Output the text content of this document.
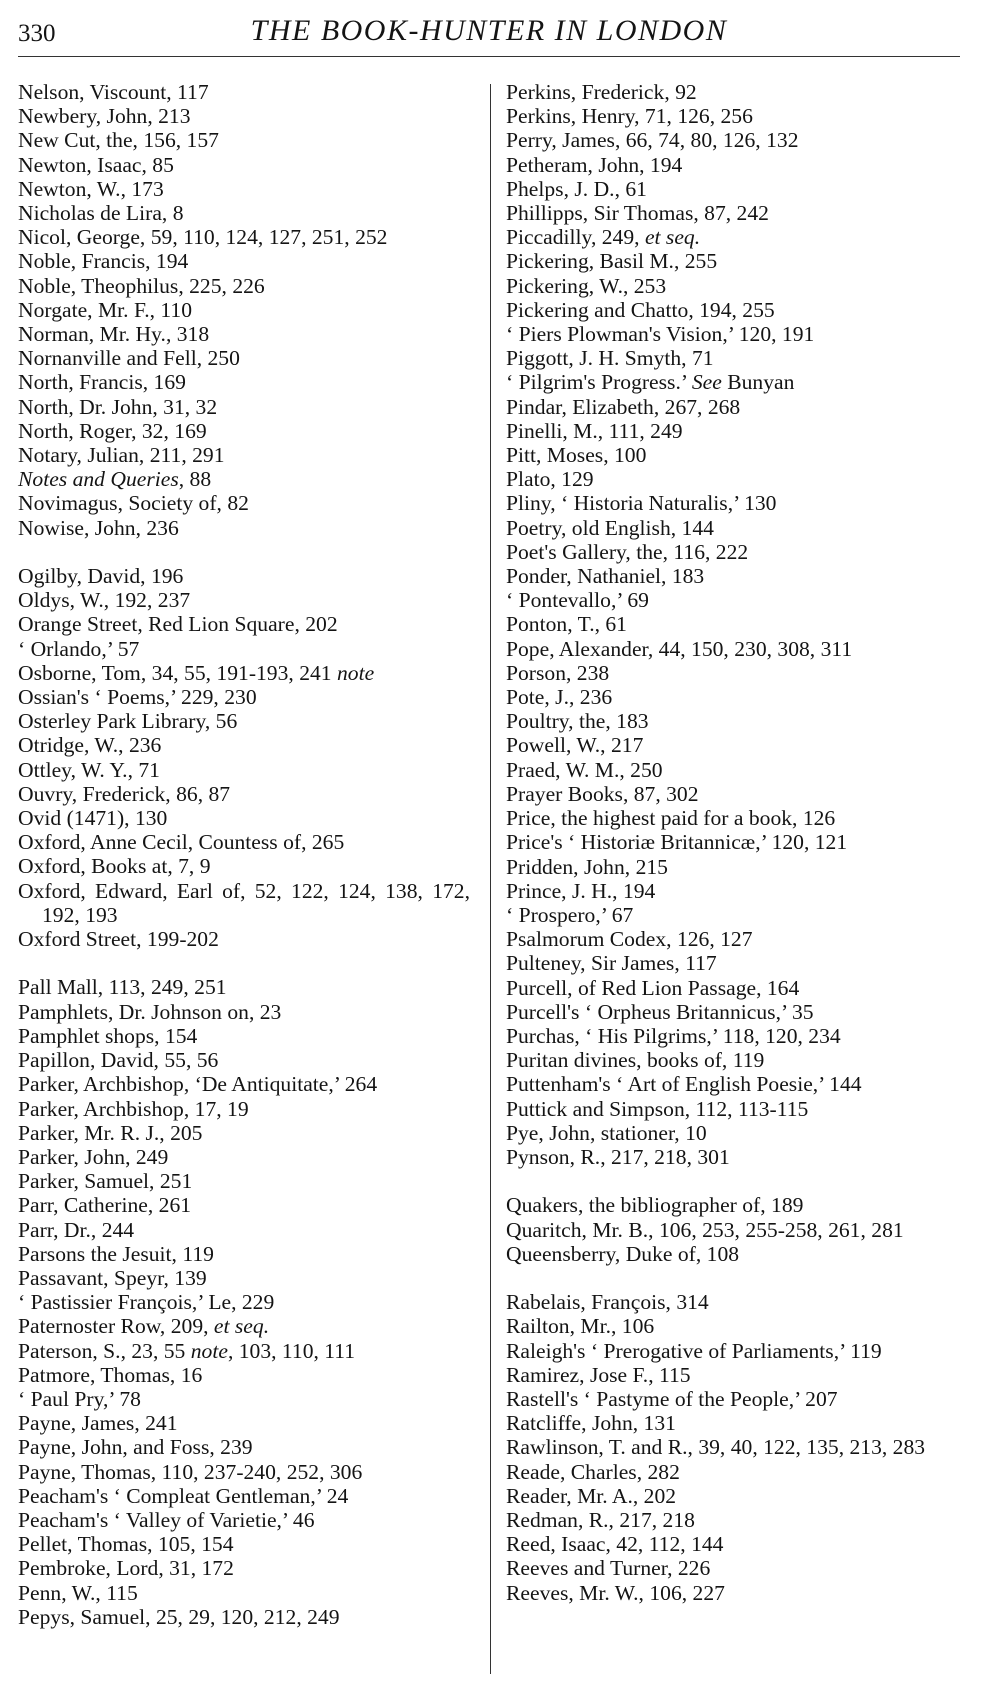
330	THE BOOK-HUNTER IN LONDON
Nelson, Viscount, 117
Newbery, John, 213
New Cut, the, 156, 157
Newton, Isaac, 85
Newton, W., 173
Nicholas de Lira, 8
Nicol, George, 59, 110, 124, 127, 251, 252
Noble, Francis, 194
Noble, Theophilus, 225, 226
Norgate, Mr. F., 110
Norman, Mr. Hy., 318
Nornanville and Fell, 250
North, Francis, 169
North, Dr. John, 31, 32
North, Roger, 32, 169
Notary, Julian, 211, 291
Notes and Queries, 88
Novimagus, Society of, 82
Nowise, John, 236
Ogilby, David, 196
Oldys, W., 192, 237
Orange Street, Red Lion Square, 202
‘ Orlando,’ 57
Osborne, Tom, 34, 55, 191-193, 241 note
Ossian's ‘ Poems,’ 229, 230
Osterley Park Library, 56
Otridge, W., 236
Ottley, W. Y., 71
Ouvry, Frederick, 86, 87
Ovid (1471), 130
Oxford, Anne Cecil, Countess of, 265
Oxford, Books at, 7, 9
Oxford, Edward, Earl of, 52, 122, 124, 138, 172, 192, 193
Oxford Street, 199-202
Pall Mall, 113, 249, 251
Pamphlets, Dr. Johnson on, 23
Pamphlet shops, 154
Papillon, David, 55, 56
Parker, Archbishop, ‘De Antiquitate,’ 264
Parker, Archbishop, 17, 19
Parker, Mr. R. J., 205
Parker, John, 249
Parker, Samuel, 251
Parr, Catherine, 261
Parr, Dr., 244
Parsons the Jesuit, 119
Passavant, Speyr, 139
‘ Pastissier François,’ Le, 229
Paternoster Row, 209, et seq.
Paterson, S., 23, 55 note, 103, 110, 111
Patmore, Thomas, 16
‘ Paul Pry,’ 78
Payne, James, 241
Payne, John, and Foss, 239
Payne, Thomas, 110, 237-240, 252, 306
Peacham's ‘ Compleat Gentleman,’ 24
Peacham's ‘ Valley of Varietie,’ 46
Pellet, Thomas, 105, 154
Pembroke, Lord, 31, 172
Penn, W., 115
Pepys, Samuel, 25, 29, 120, 212, 249
Perkins, Frederick, 92
Perkins, Henry, 71, 126, 256
Perry, James, 66, 74, 80, 126, 132
Petheram, John, 194
Phelps, J. D., 61
Phillipps, Sir Thomas, 87, 242
Piccadilly, 249, et seq.
Pickering, Basil M., 255
Pickering, W., 253
Pickering and Chatto, 194, 255
‘ Piers Plowman's Vision,’ 120, 191
Piggott, J. H. Smyth, 71
‘ Pilgrim's Progress.’ See Bunyan
Pindar, Elizabeth, 267, 268
Pinelli, M., 111, 249
Pitt, Moses, 100
Plato, 129
Pliny, ‘ Historia Naturalis,’ 130
Poetry, old English, 144
Poet's Gallery, the, 116, 222
Ponder, Nathaniel, 183
‘ Pontevallo,’ 69
Ponton, T., 61
Pope, Alexander, 44, 150, 230, 308, 311
Porson, 238
Pote, J., 236
Poultry, the, 183
Powell, W., 217
Praed, W. M., 250
Prayer Books, 87, 302
Price, the highest paid for a book, 126
Price's ‘ Historiæ Britannicæ,’ 120, 121
Pridden, John, 215
Prince, J. H., 194
‘ Prospero,’ 67
Psalmorum Codex, 126, 127
Pulteney, Sir James, 117
Purcell, of Red Lion Passage, 164
Purcell's ‘ Orpheus Britannicus,’ 35
Purchas, ‘ His Pilgrims,’ 118, 120, 234
Puritan divines, books of, 119
Puttenham's ‘ Art of English Poesie,’ 144
Puttick and Simpson, 112, 113-115
Pye, John, stationer, 10
Pynson, R., 217, 218, 301
Quakers, the bibliographer of, 189
Quaritch, Mr. B., 106, 253, 255-258, 261, 281
Queensberry, Duke of, 108
Rabelais, François, 314
Railton, Mr., 106
Raleigh's ‘ Prerogative of Parliaments,’ 119
Ramirez, Jose F., 115
Rastell's ‘ Pastyme of the People,’ 207
Ratcliffe, John, 131
Rawlinson, T. and R., 39, 40, 122, 135, 213, 283
Reade, Charles, 282
Reader, Mr. A., 202
Redman, R., 217, 218
Reed, Isaac, 42, 112, 144
Reeves and Turner, 226
Reeves, Mr. W., 106, 227
